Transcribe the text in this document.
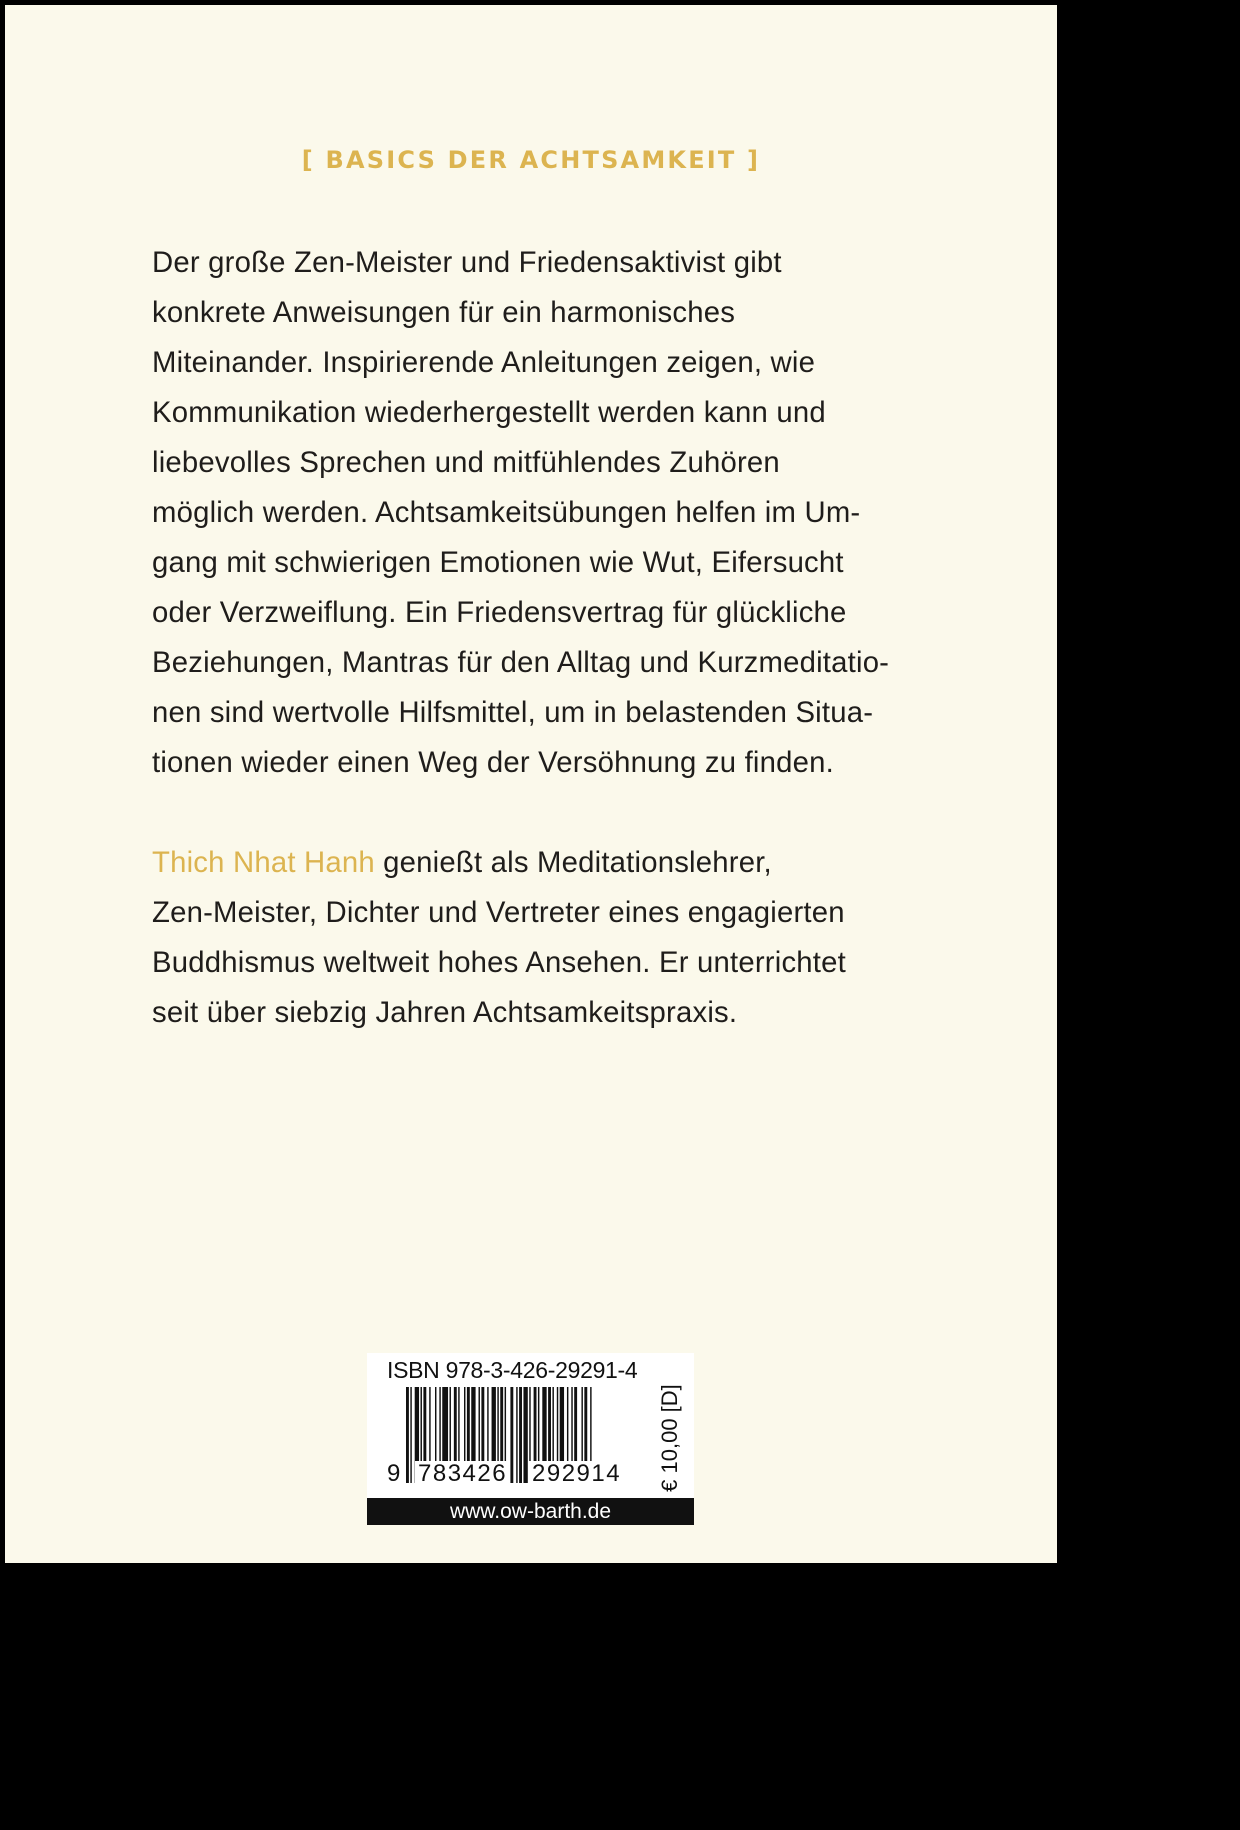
[ BASICS DER ACHTSAMKEIT ]
Der große Zen-Meister und Friedensaktivist gibt
konkrete Anweisungen für ein harmonisches
Miteinander. Inspirierende Anleitungen zeigen, wie
Kommunikation wiederhergestellt werden kann und
liebevolles Sprechen und mitfühlendes Zuhören
möglich werden. Achtsamkeitsübungen helfen im Um-
gang mit schwierigen Emotionen wie Wut, Eifersucht
oder Verzweiflung. Ein Friedensvertrag für glückliche
Beziehungen, Mantras für den Alltag und Kurzmeditatio-
nen sind wertvolle Hilfsmittel, um in belastenden Situa-
tionen wieder einen Weg der Versöhnung zu finden.
Thich Nhat Hanh genießt als Meditationslehrer,
Zen-Meister, Dichter und Vertreter eines engagierten
Buddhismus weltweit hohes Ansehen. Er unterrichtet
seit über siebzig Jahren Achtsamkeitspraxis.
ISBN 978-3-426-29291-4
9 783426 292914 € 10,00 [D]
www.ow-barth.de
